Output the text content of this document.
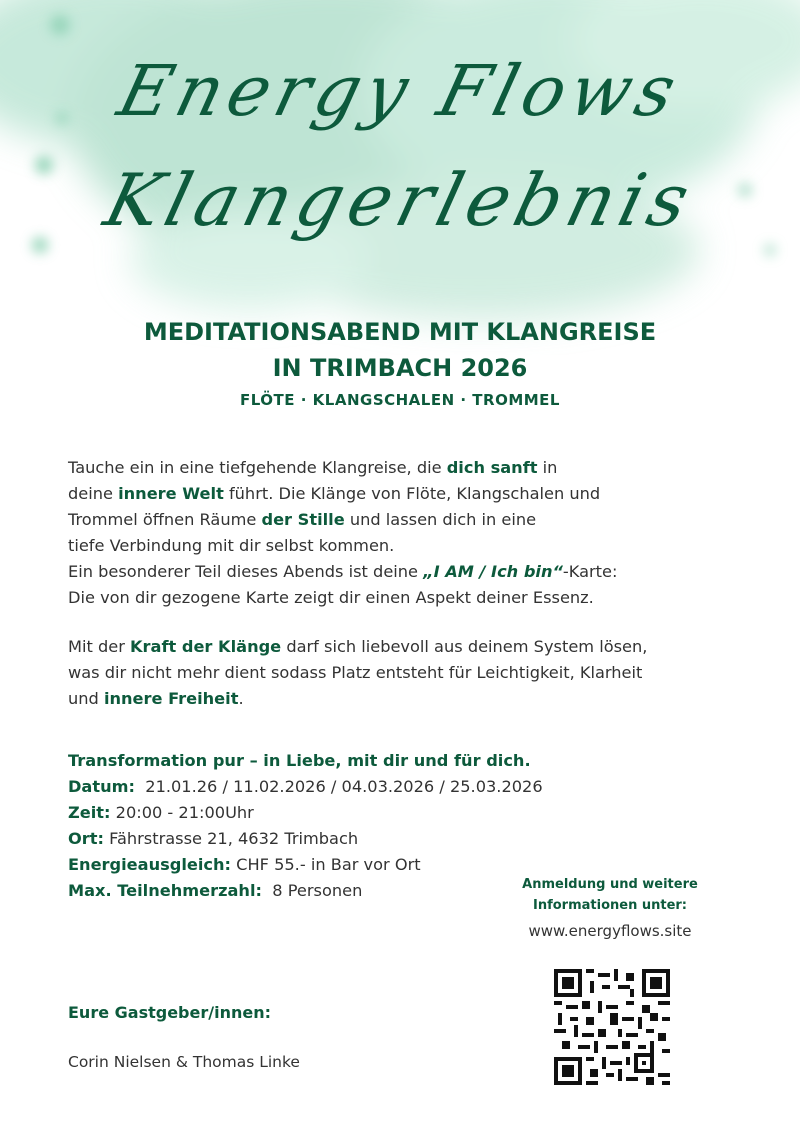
Energy Flows
Klangerlebnis
MEDITATIONSABEND MIT KLANGREISE
IN TRIMBACH 2026
FLÖTE · KLANGSCHALEN · TROMMEL
Tauche ein in eine tiefgehende Klangreise, die dich sanft in
deine innere Welt führt. Die Klänge von Flöte, Klangschalen und
Trommel öffnen Räume der Stille und lassen dich in eine
tiefe Verbindung mit dir selbst kommen.
Ein besonderer Teil dieses Abends ist deine „I AM / Ich bin“-Karte:
Die von dir gezogene Karte zeigt dir einen Aspekt deiner Essenz.
Mit der Kraft der Klänge darf sich liebevoll aus deinem System lösen,
was dir nicht mehr dient sodass Platz entsteht für Leichtigkeit, Klarheit
und innere Freiheit.
Transformation pur – in Liebe, mit dir und für dich.
Datum: 21.01.26 / 11.02.2026 / 04.03.2026 / 25.03.2026
Zeit: 20:00 - 21:00Uhr
Ort: Fährstrasse 21, 4632 Trimbach
Energieausgleich: CHF 55.- in Bar vor Ort
Max. Teilnehmerzahl: 8 Personen	Anmeldung und weitere
Informationen unter:
www.energyflows.site
Eure Gastgeber/innen:
Corin Nielsen & Thomas Linke
